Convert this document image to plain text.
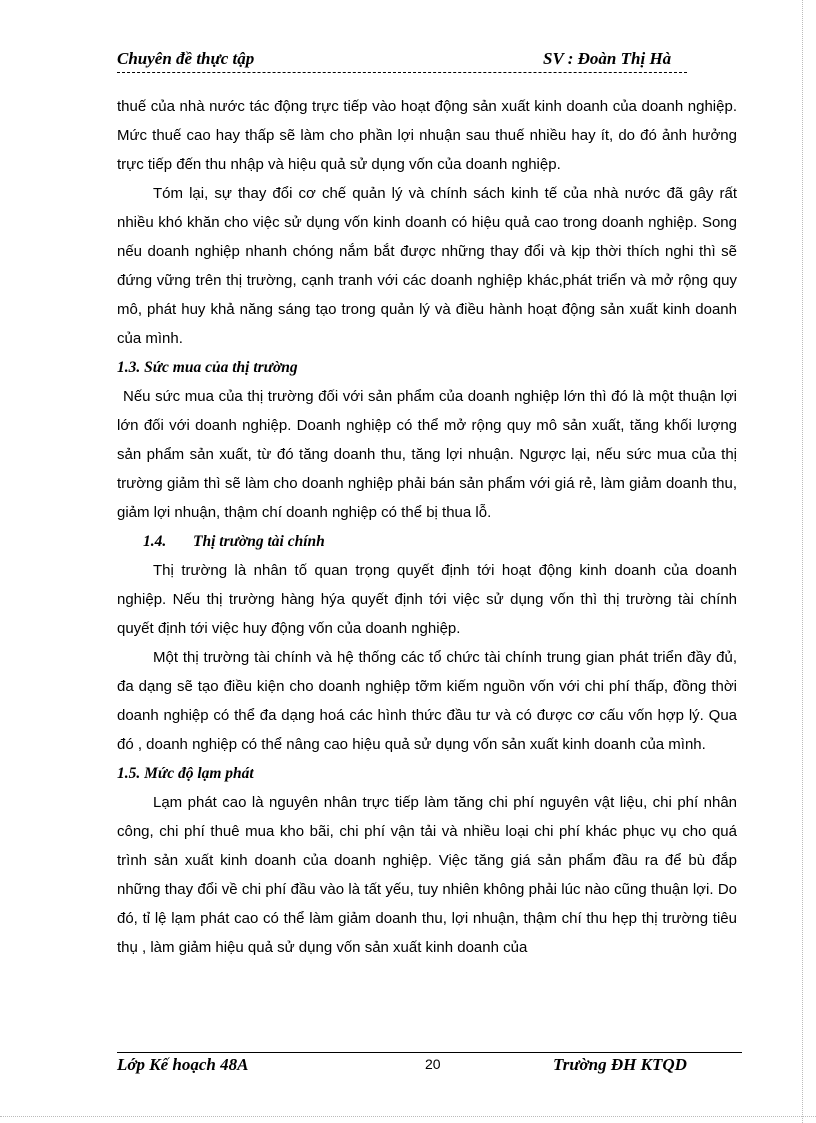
Chuyên đề thực tập	SV : Đoàn Thị Hà

thuế của nhà nước tác động trực tiếp vào hoạt động sản xuất kinh doanh của doanh nghiệp. Mức thuế cao hay thấp sẽ làm cho phần lợi nhuận sau thuế nhiều hay ít, do đó ảnh hưởng trực tiếp đến thu nhập và hiệu quả sử dụng vốn của doanh nghiệp.

Tóm lại, sự thay đổi cơ chế quản lý và chính sách kinh tế của nhà nước đã gây rất nhiều khó khăn cho việc sử dụng vốn kinh doanh có hiệu quả cao trong doanh nghiệp. Song nếu doanh nghiệp nhanh chóng nắm bắt được những thay đổi và kịp thời thích nghi thì sẽ đứng vững trên thị trường, cạnh tranh với các doanh nghiệp khác,phát triển và mở rộng quy mô, phát huy khả năng sáng tạo trong quản lý và điều hành hoạt động sản xuất kinh doanh của mình.

1.3. Sức mua của thị trường

Nếu sức mua của thị trường đối với sản phẩm của doanh nghiệp lớn thì đó là một thuận lợi lớn đối với doanh nghiệp. Doanh nghiệp có thể mở rộng quy mô sản xuất, tăng khối lượng sản phẩm sản xuất, từ đó tăng doanh thu, tăng lợi nhuận. Ngược lại, nếu sức mua của thị trường giảm thì sẽ làm cho doanh nghiệp phải bán sản phẩm với giá rẻ, làm giảm doanh thu, giảm lợi nhuận, thậm chí doanh nghiệp có thể bị thua lỗ.

1.4. Thị trường tài chính

Thị trường là nhân tố quan trọng quyết định tới hoạt động kinh doanh của doanh nghiệp. Nếu thị trường hàng hýa quyết định tới việc sử dụng vốn thì thị trường tài chính quyết định tới việc huy động vốn của doanh nghiệp.

Một thị trường tài chính và hệ thống các tổ chức tài chính trung gian phát triển đầy đủ, đa dạng sẽ tạo điều kiện cho doanh nghiệp tỡm kiếm nguồn vốn với chi phí thấp, đồng thời doanh nghiệp có thể đa dạng hoá các hình thức đầu tư và có được cơ cấu vốn hợp lý. Qua đó , doanh nghiệp có thể nâng cao hiệu quả sử dụng vốn sản xuất kinh doanh của mình.

1.5. Mức độ lạm phát

Lạm phát cao là nguyên nhân trực tiếp làm tăng chi phí nguyên vật liệu, chi phí nhân công, chi phí thuê mua kho bãi, chi phí vận tải và nhiều loại chi phí khác phục vụ cho quá trình sản xuất kinh doanh của doanh nghiệp. Việc tăng giá sản phẩm đầu ra để bù đắp những thay đổi về chi phí đầu vào là tất yếu, tuy nhiên không phải lúc nào cũng thuận lợi. Do đó, tỉ lệ lạm phát cao có thể làm giảm doanh thu, lợi nhuận, thậm chí thu hẹp thị trường tiêu thụ , làm giảm hiệu quả sử dụng vốn sản xuất kinh doanh của

Lớp Kế hoạch 48A	20	Trường ĐH KTQD
